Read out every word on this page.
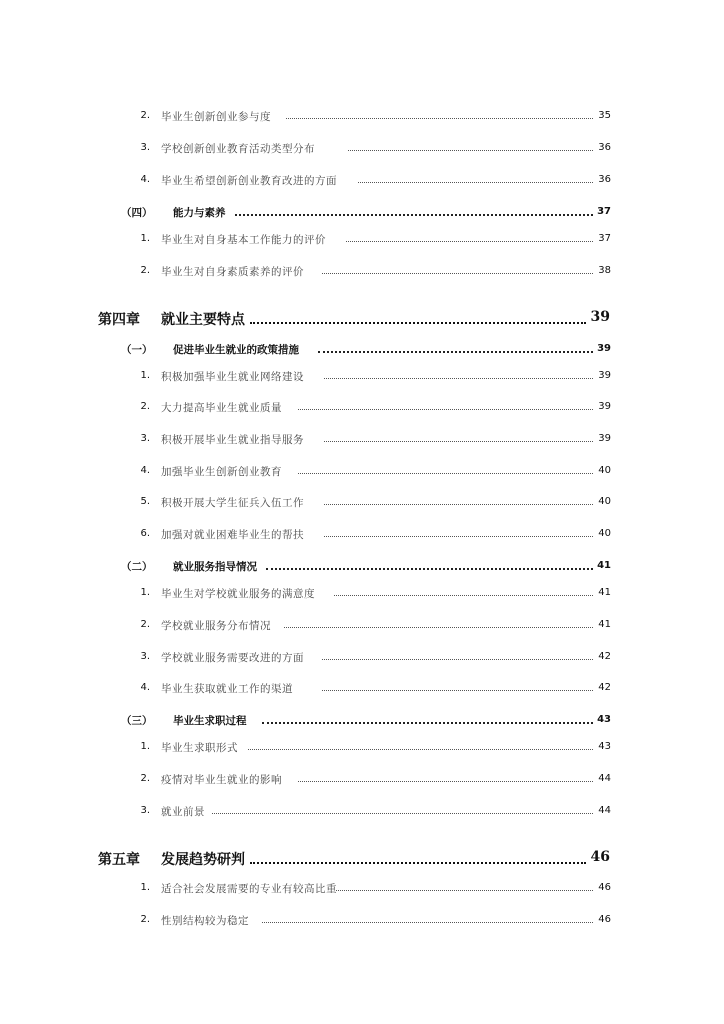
2. 毕业生创新创业参与度	35
3. 学校创新创业教育活动类型分布	36
4. 毕业生希望创新创业教育改进的方面	36
（四） 能力与素养	37
1. 毕业生对自身基本工作能力的评价	37
2. 毕业生对自身素质素养的评价	38
第四章 就业主要特点	39
（一） 促进毕业生就业的政策措施	39
1. 积极加强毕业生就业网络建设	39
2. 大力提高毕业生就业质量	39
3. 积极开展毕业生就业指导服务	39
4. 加强毕业生创新创业教育	40
5. 积极开展大学生征兵入伍工作	40
6. 加强对就业困难毕业生的帮扶	40
（二） 就业服务指导情况	41
1. 毕业生对学校就业服务的满意度	41
2. 学校就业服务分布情况	41
3. 学校就业服务需要改进的方面	42
4. 毕业生获取就业工作的渠道	42
（三） 毕业生求职过程	43
1. 毕业生求职形式	43
2. 疫情对毕业生就业的影响	44
3. 就业前景	44
第五章 发展趋势研判	46
1. 适合社会发展需要的专业有较高比重	46
2. 性别结构较为稳定	46
